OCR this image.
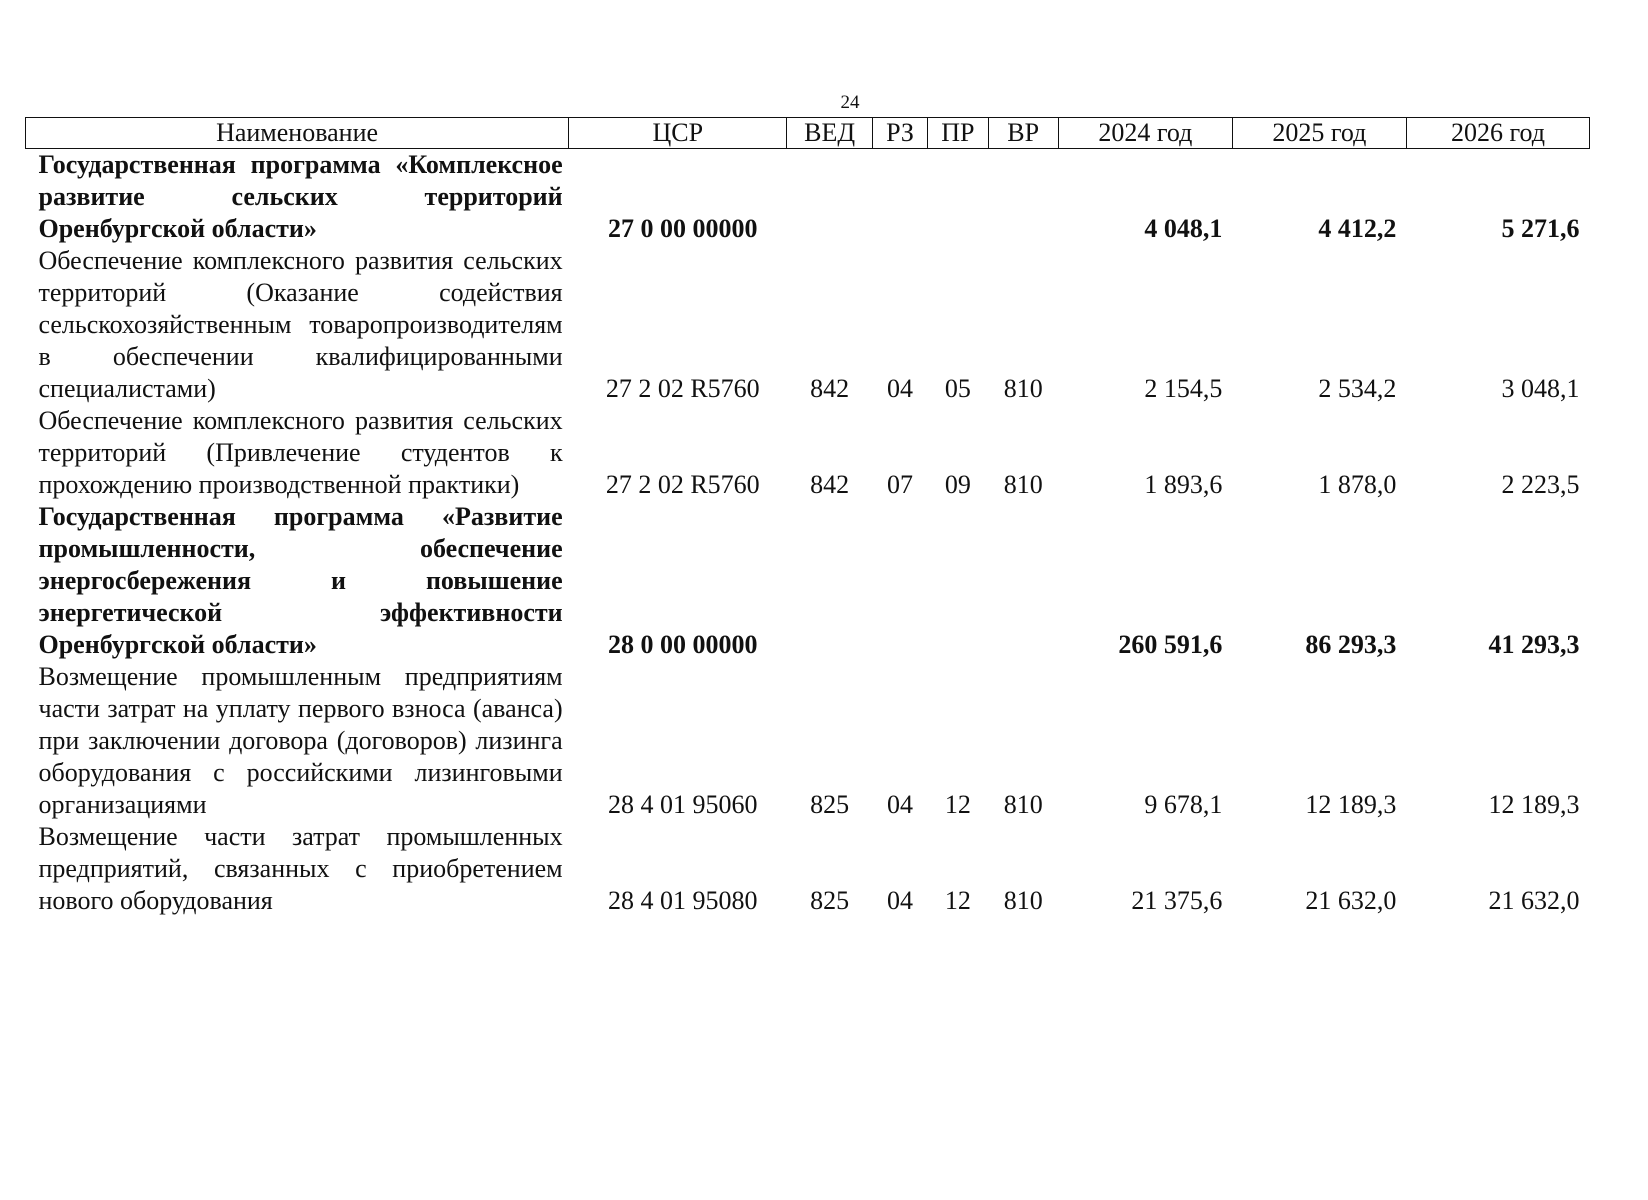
24
Наименование	ЦСР	ВЕД	РЗ	ПР	ВР	2024 год	2025 год	2026 год
Государственная программа «Комплексное развитие сельских территорий Оренбургской области»	27 0 00 00000					4 048,1	4 412,2	5 271,6
Обеспечение комплексного развития сельских территорий (Оказание содействия сельскохозяйственным товаропроизводителям в обеспечении квалифицированными специалистами)	27 2 02 R5760	842	04	05	810	2 154,5	2 534,2	3 048,1
Обеспечение комплексного развития сельских территорий (Привлечение студентов к прохождению производственной практики)	27 2 02 R5760	842	07	09	810	1 893,6	1 878,0	2 223,5
Государственная программа «Развитие промышленности, обеспечение энергосбережения и повышение энергетической эффективности Оренбургской области»	28 0 00 00000					260 591,6	86 293,3	41 293,3
Возмещение промышленным предприятиям части затрат на уплату первого взноса (аванса) при заключении договора (договоров) лизинга оборудования с российскими лизинговыми организациями	28 4 01 95060	825	04	12	810	9 678,1	12 189,3	12 189,3
Возмещение части затрат промышленных предприятий, связанных с приобретением нового оборудования	28 4 01 95080	825	04	12	810	21 375,6	21 632,0	21 632,0
